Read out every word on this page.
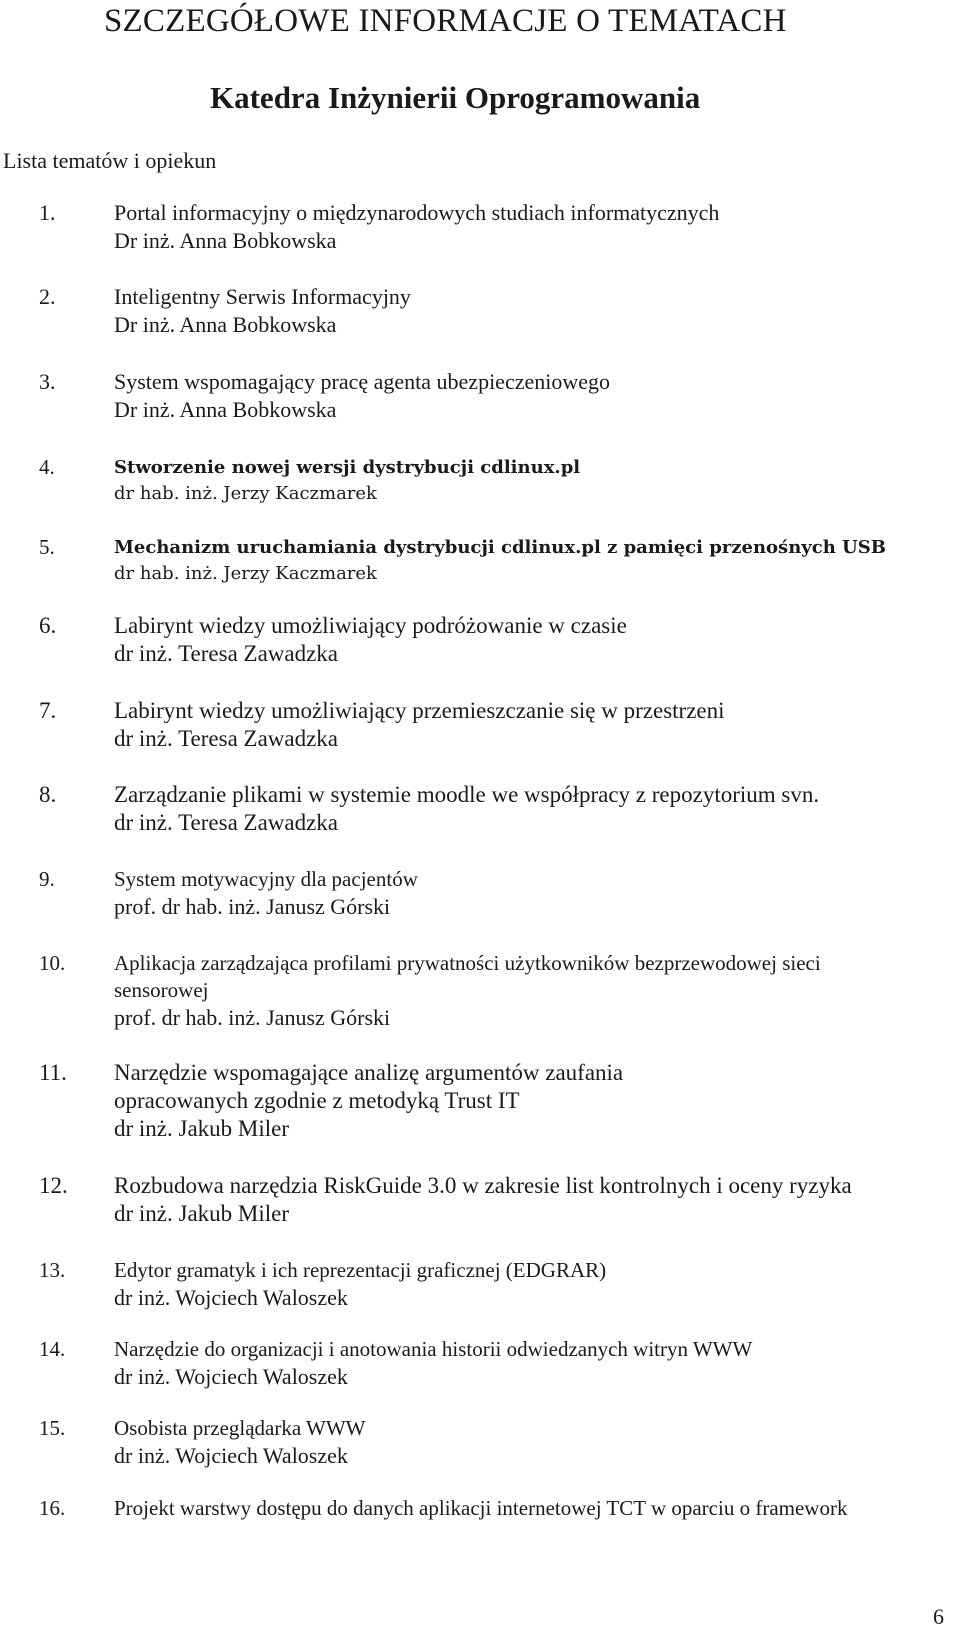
SZCZEGÓŁOWE INFORMACJE O TEMATACH
Katedra Inżynierii Oprogramowania
Lista tematów i opiekun
1.	Portal informacyjny o międzynarodowych studiach informatycznych
Dr inż. Anna Bobkowska
2.	Inteligentny Serwis Informacyjny
Dr inż. Anna Bobkowska
3.	System wspomagający pracę agenta ubezpieczeniowego
Dr inż. Anna Bobkowska
4.	Stworzenie nowej wersji dystrybucji cdlinux.pl
dr hab. inż. Jerzy Kaczmarek
5.	Mechanizm uruchamiania dystrybucji cdlinux.pl z pamięci przenośnych USB
dr hab. inż. Jerzy Kaczmarek
6.	Labirynt wiedzy umożliwiający podróżowanie w czasie
dr inż. Teresa Zawadzka
7.	Labirynt wiedzy umożliwiający przemieszczanie się w przestrzeni
dr inż. Teresa Zawadzka
8.	Zarządzanie plikami w systemie moodle we współpracy z repozytorium svn.
dr inż. Teresa Zawadzka
9.	System motywacyjny dla pacjentów
prof. dr hab. inż. Janusz Górski
10. Aplikacja zarządzająca profilami prywatności użytkowników bezprzewodowej sieci
sensorowej
prof. dr hab. inż. Janusz Górski
11. Narzędzie wspomagające analizę argumentów zaufania
opracowanych zgodnie z metodyką Trust IT
dr inż. Jakub Miler
12. Rozbudowa narzędzia RiskGuide 3.0 w zakresie list kontrolnych i oceny ryzyka
dr inż. Jakub Miler
13. Edytor gramatyk i ich reprezentacji graficznej (EDGRAR)
dr inż. Wojciech Waloszek
14. Narzędzie do organizacji i anotowania historii odwiedzanych witryn WWW
dr inż. Wojciech Waloszek
15. Osobista przeglądarka WWW
dr inż. Wojciech Waloszek
16. Projekt warstwy dostępu do danych aplikacji internetowej TCT w oparciu o framework
6
